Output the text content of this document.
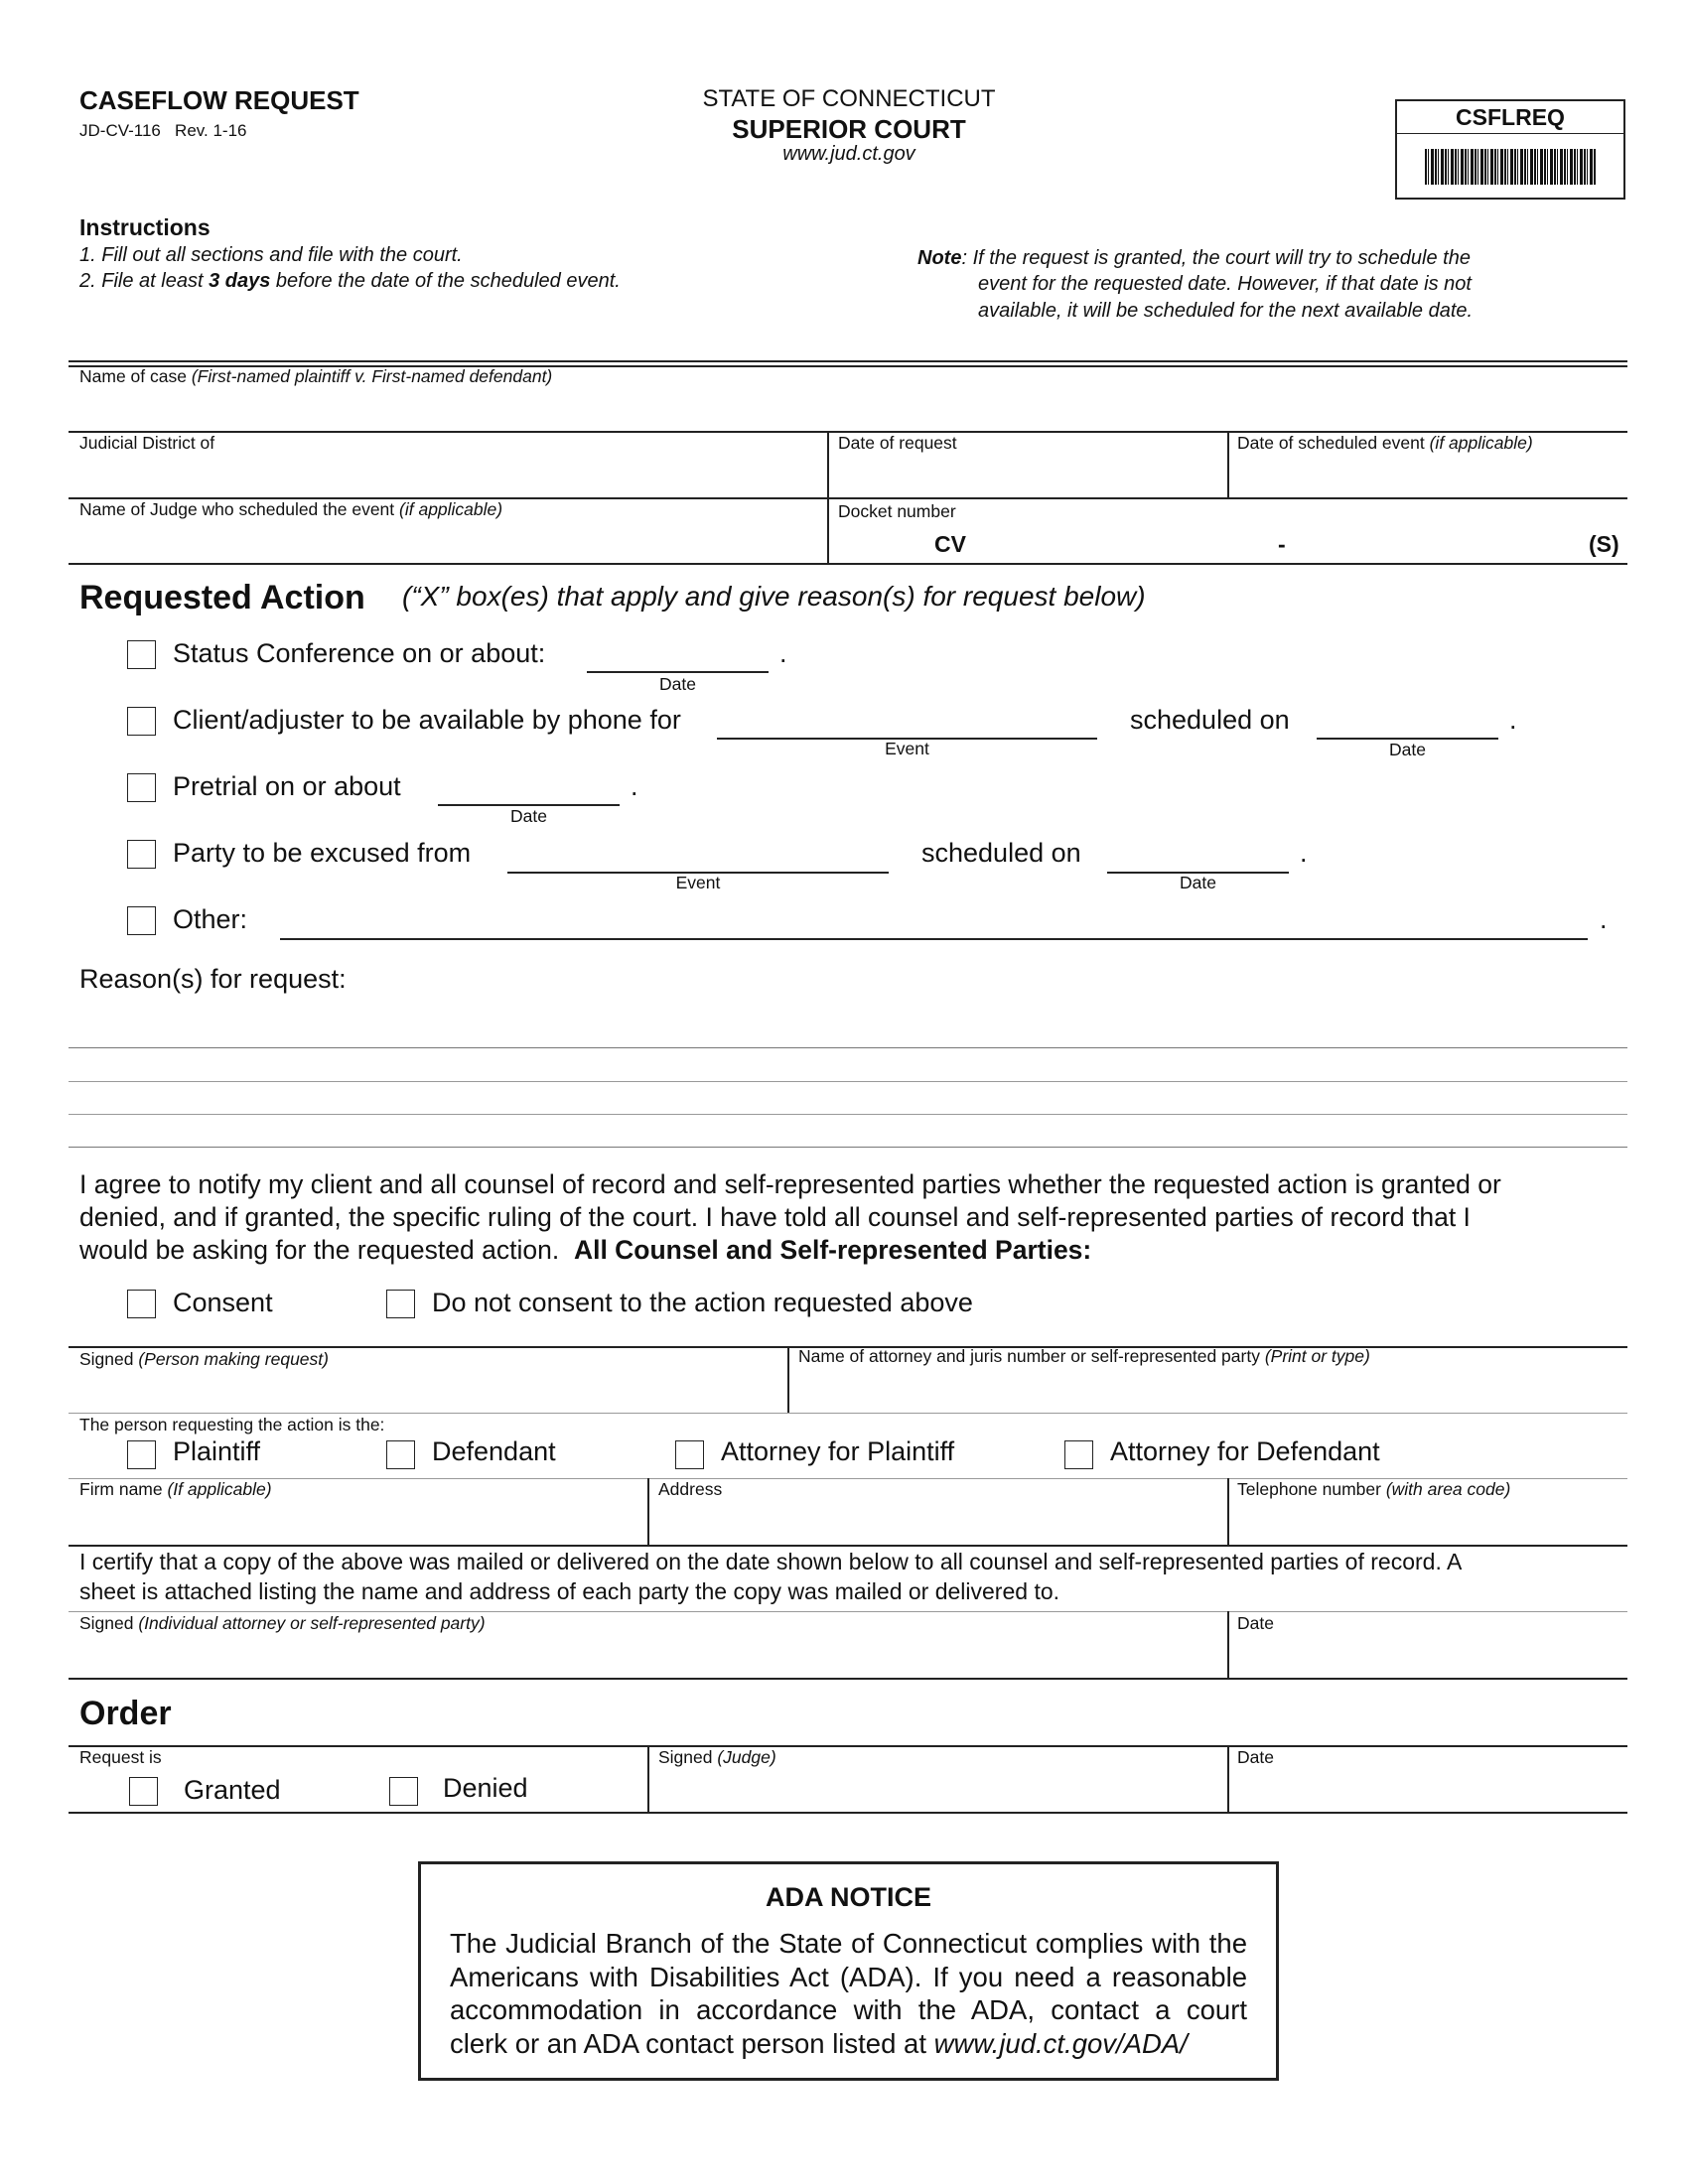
CASEFLOW REQUEST
JD-CV-116   Rev. 1-16
STATE OF CONNECTICUT
SUPERIOR COURT
www.jud.ct.gov
CSFLREQ
Instructions
1. Fill out all sections and file with the court.
2. File at least 3 days before the date of the scheduled event.
Note: If the request is granted, the court will try to schedule the
event for the requested date. However, if that date is not
available, it will be scheduled for the next available date.
Name of case (First-named plaintiff v. First-named defendant)
Judicial District of	Date of request	Date of scheduled event (if applicable)
Name of Judge who scheduled the event (if applicable)	Docket number
CV	-	(S)
Requested Action (“X” box(es) that apply and give reason(s) for request below)
Status Conference on or about:	.
Date
Client/adjuster to be available by phone for
Event
scheduled on	.
Date
Pretrial on or about	.
Date
Party to be excused from
Event
scheduled on	.
Date
Other:	.
Reason(s) for request:
I agree to notify my client and all counsel of record and self-represented parties whether the requested action is granted or
denied, and if granted, the specific ruling of the court. I have told all counsel and self-represented parties of record that I
would be asking for the requested action.  All Counsel and Self-represented Parties:
Consent	Do not consent to the action requested above
Signed (Person making request)	Name of attorney and juris number or self-represented party (Print or type)
The person requesting the action is the:
Plaintiff	Defendant	Attorney for Plaintiff	Attorney for Defendant
Firm name (If applicable)	Address	Telephone number (with area code)
I certify that a copy of the above was mailed or delivered on the date shown below to all counsel and self-represented parties of record. A
sheet is attached listing the name and address of each party the copy was mailed or delivered to.
Signed (Individual attorney or self-represented party)	Date
Order
Request is
Granted	Denied
Signed (Judge)	Date
ADA NOTICE
The Judicial Branch of the State of Connecticut complies with the
Americans with Disabilities Act (ADA). If you need a reasonable
accommodation in accordance with the ADA, contact a court
clerk or an ADA contact person listed at www.jud.ct.gov/ADA/
